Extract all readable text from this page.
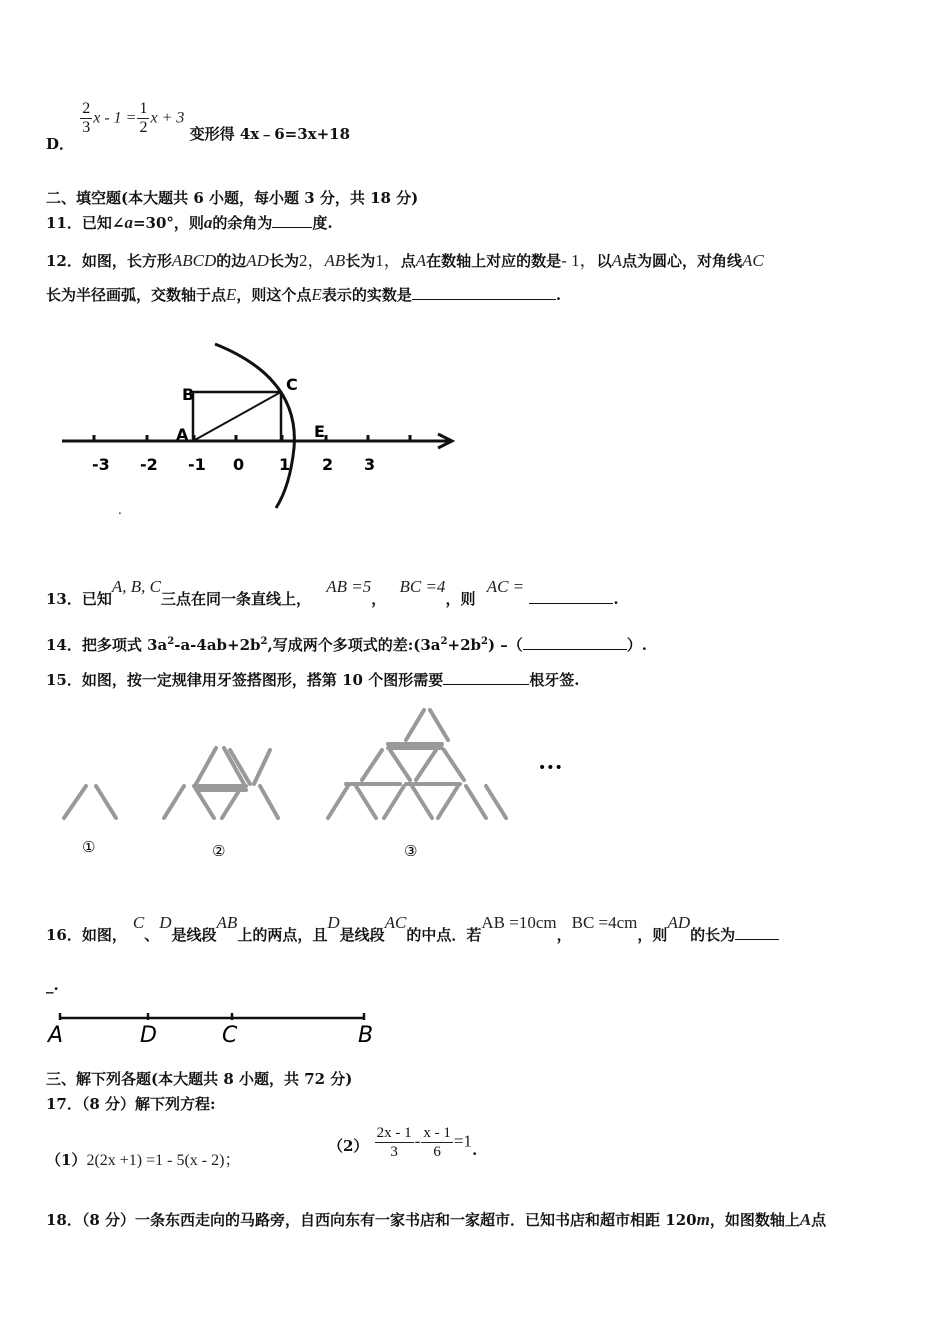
D．
$\frac{2}{3}$ $x - 1 = \frac{1}{2}$ x + 3 变形得 4x﹣6=3x+18
二、填空题(本大题共 6 小题，每小题 3 分，共 18 分)
11．已知∠a=30°，则a的余角为	度.
12．如图，长方形ABCD的边AD长为2，AB长为1，点A在数轴上对应的数是- 1，以A点为圆心，对角线AC
长为半径画弧，交数轴于点E，则这个点E表示的实数是	.
B
C
A	E
-3 -2 -1 0 1 2 3
.
13．已知A, B, C三点在同一条直线上， AB =5， BC =4，则 AC = .
14．把多项式 $3a^2-a-4ab+2b^2$,写成两个多项式的差$:(3a^2+2b^2)$ –（	）.
15．如图，按一定规律用牙签搭图形，搭第 10 个图形需要	根牙签.
①	②	③
•••
16．如图，C、D是线段AB上的两点，且D是线段AC的中点．若AB =10cm，BC =4cm，则AD的长为
_.
A	D	C	B
三、解下列各题(本大题共 8 小题，共 72 分)
17．（8 分）解下列方程:
（1）2(2x +1) =1 - 5(x - 2)；
$(2) \frac{2x - 1}{3} - \frac{x - 1}{6} =1$.
18．（8 分）一条东西走向的马路旁，自西向东有一家书店和一家超市．已知书店和超市相距 120m，如图数轴上A点
